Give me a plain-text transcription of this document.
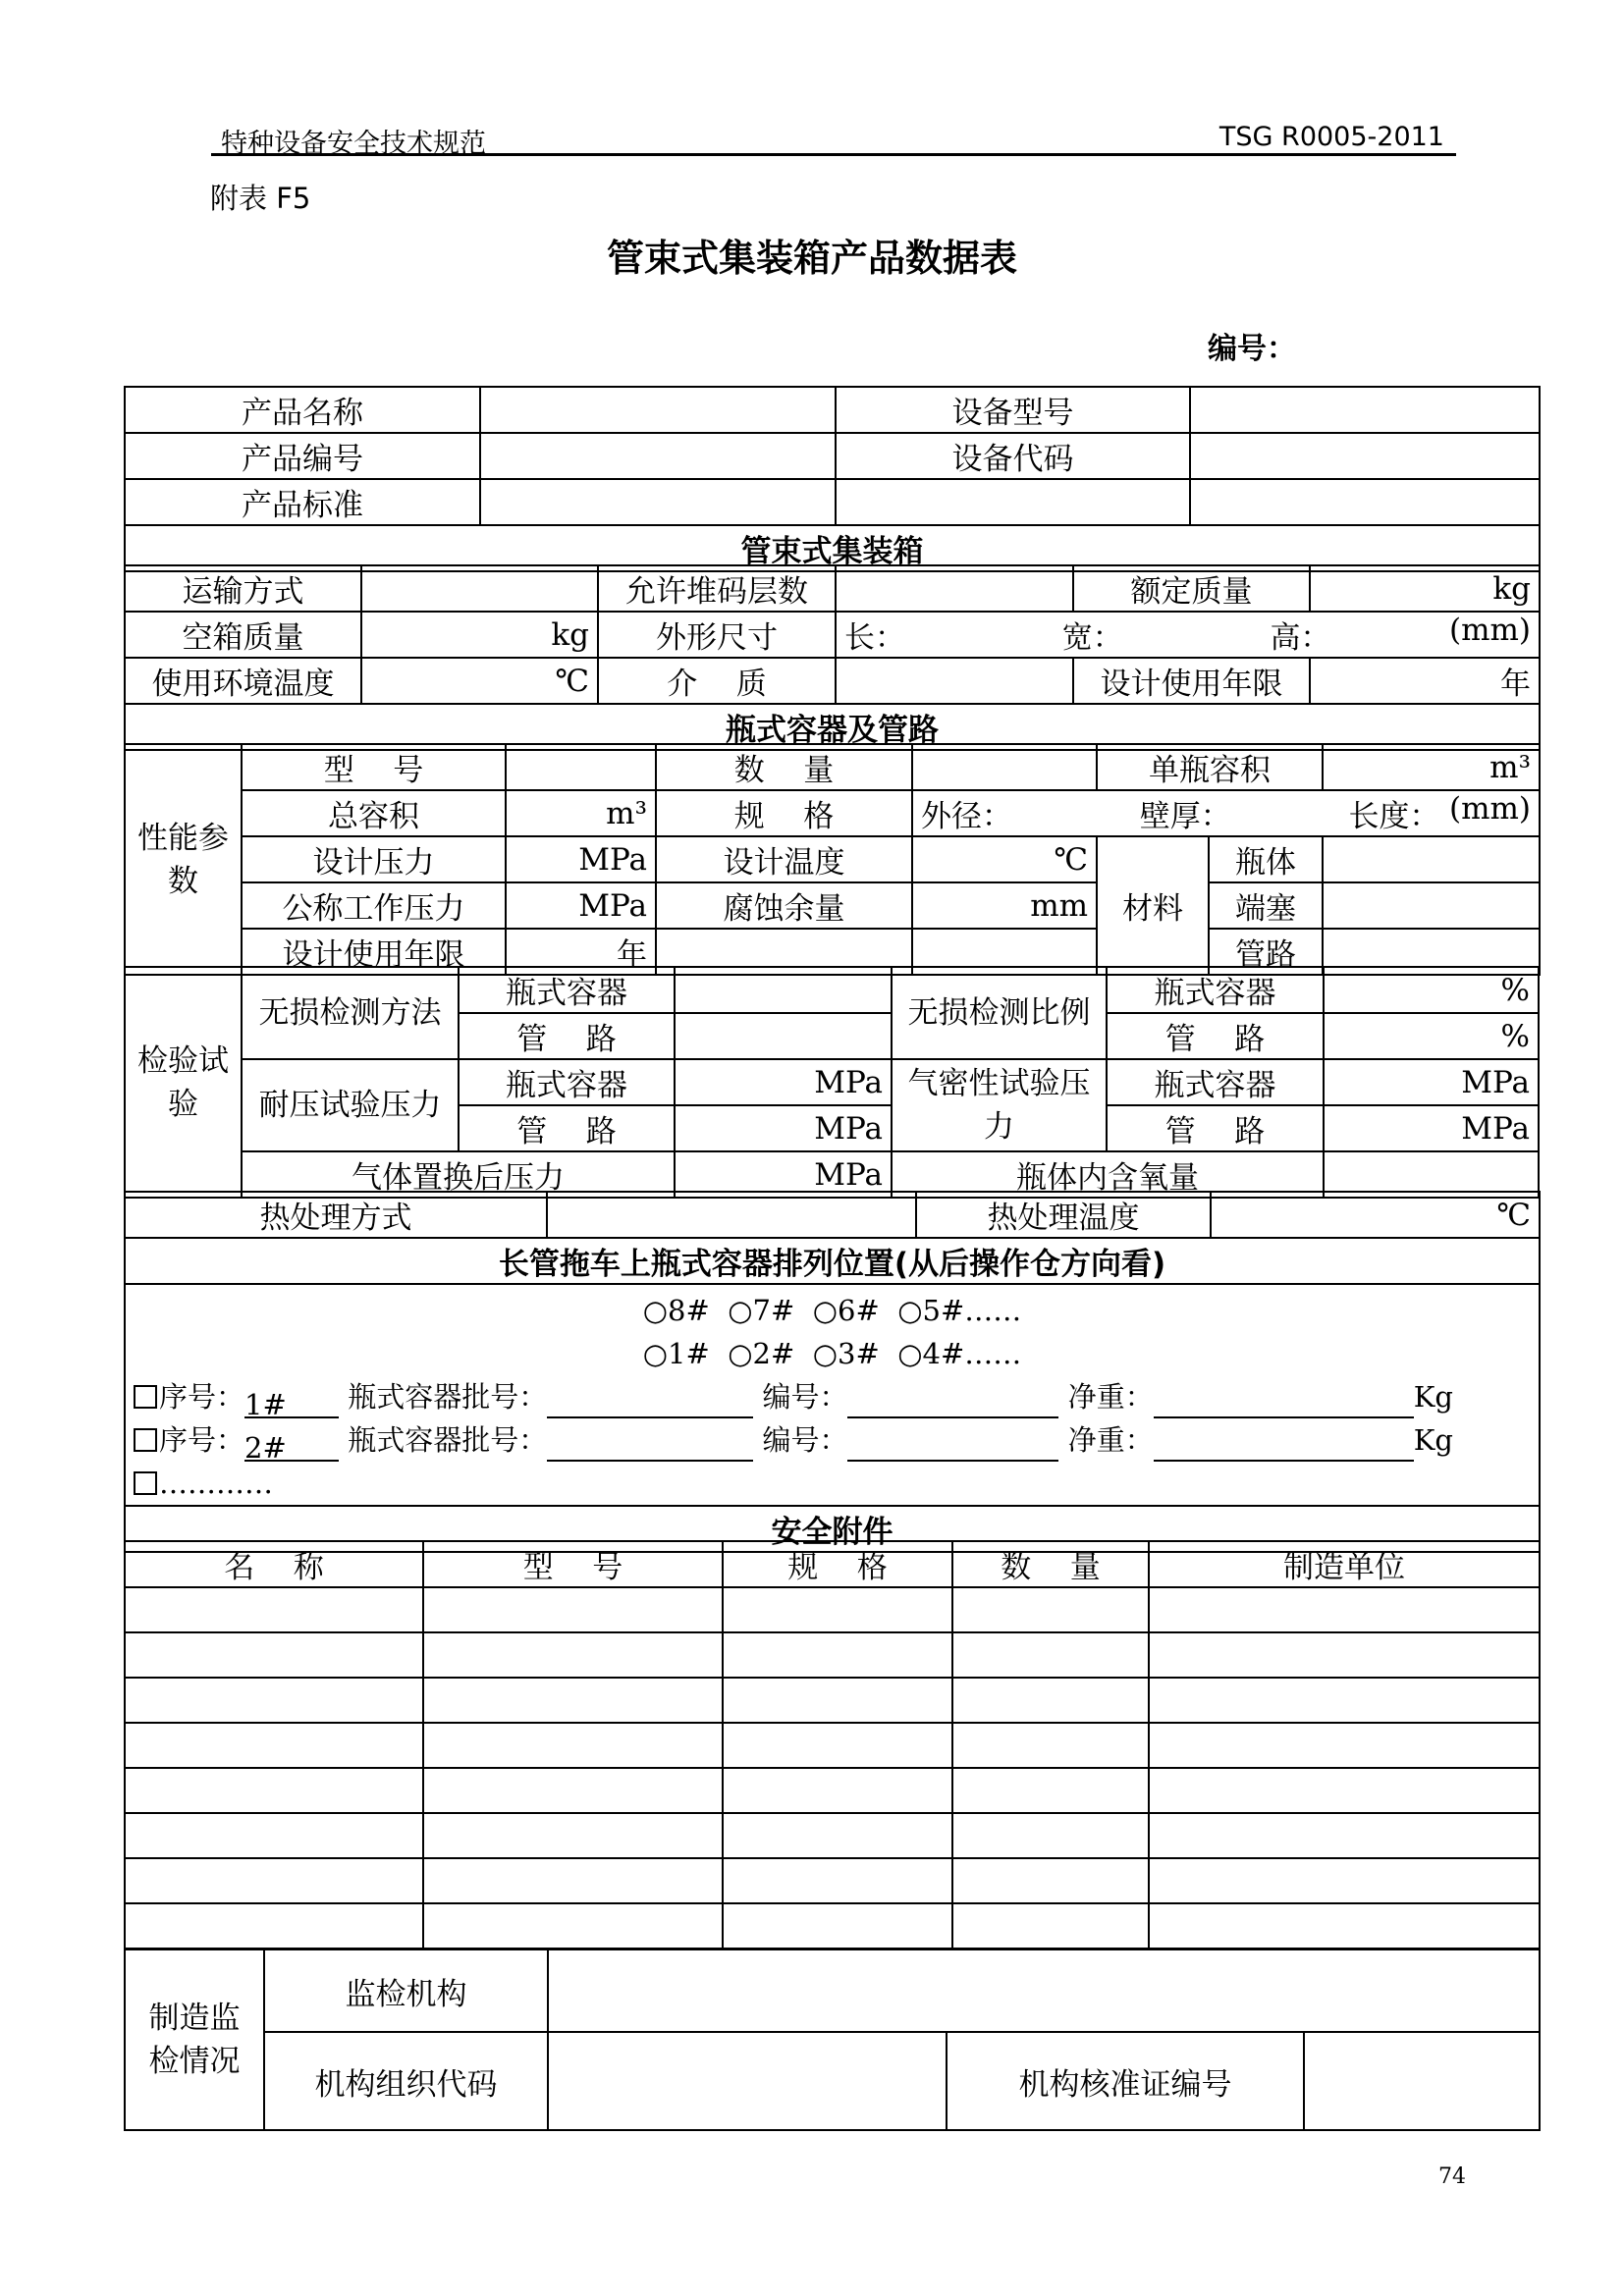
特种设备安全技术规范	TSG R0005-2011
附表 F5
管束式集装箱产品数据表
编号：
产品名称		设备型号	
产品编号		设备代码	
产品标准			
管束式集装箱			
运输方式		允许堆码层数		额定质量	kg
空箱质量	kg	外形尺寸	长： 宽： 高： (mm)		

使用环境温度	℃	介    质		设计使用年限	年
瓶式容器及管路					
性能参数	型    号		数    量		单瓶容积		m³
	总容积	m³	规    格	外径： 壁厚： 长度： (mm)			

	设计压力	MPa	设计温度	℃	材料	瓶体	
	公称工作压力	MPa	腐蚀余量	mm		端塞	
	设计使用年限	年				管路	
检验试验	无损检测方法	瓶式容器		无损检测比例	瓶式容器	%
		管    路			管    路	%
	耐压试验压力	瓶式容器	MPa	气密性试验压力	瓶式容器	MPa
		管    路	MPa		管    路	MPa
	气体置换后压力		MPa	瓶体内含氧量		
热处理方式		热处理温度	℃
长管拖车上瓶式容器排列位置(从后操作仓方向看)

○8#  ○7#  ○6#  ○5#……
○1#  ○2#  ○3#  ○4#……
序号：1# 瓶式容器批号：	编号：	净重：	Kg
序号：2# 瓶式容器批号：	编号：	净重：	Kg
…………

安全附件
名    称	型    号	规    格	数    量	制造单位

制造监检情况	监检机构			
	机构组织代码		机构核准证编号	
74
